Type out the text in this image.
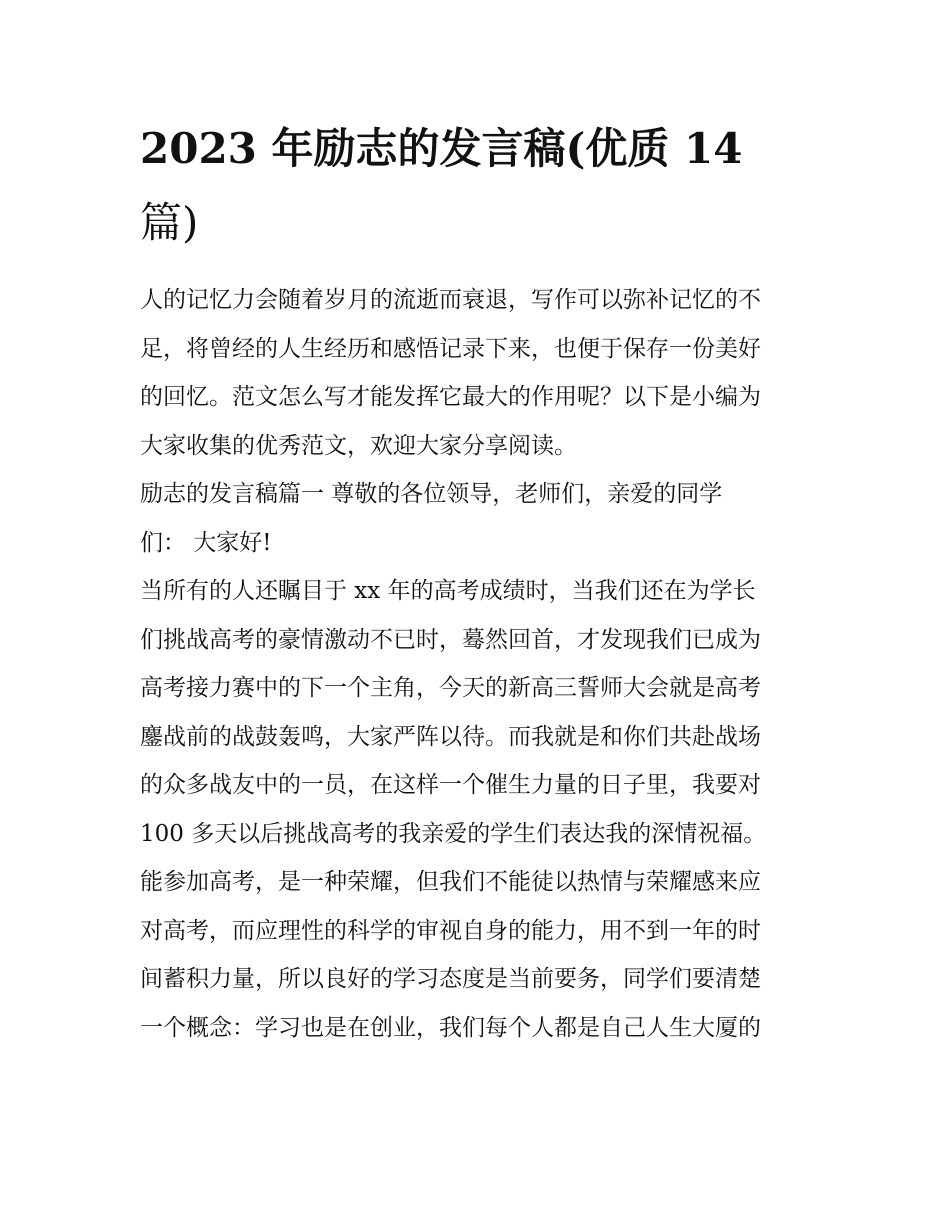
2023 年励志的发言稿(优质 14
篇)
人的记忆力会随着岁月的流逝而衰退，写作可以弥补记忆的不
足，将曾经的人生经历和感悟记录下来，也便于保存一份美好
的回忆。范文怎么写才能发挥它最大的作用呢？以下是小编为
大家收集的优秀范文，欢迎大家分享阅读。
励志的发言稿篇一 尊敬的各位领导，老师们，亲爱的同学
们： 大家好!
当所有的人还瞩目于 xx 年的高考成绩时，当我们还在为学长
们挑战高考的豪情激动不已时，蓦然回首，才发现我们已成为
高考接力赛中的下一个主角，今天的新高三誓师大会就是高考
鏖战前的战鼓轰鸣，大家严阵以待。而我就是和你们共赴战场
的众多战友中的一员，在这样一个催生力量的日子里，我要对
100 多天以后挑战高考的我亲爱的学生们表达我的深情祝福。
能参加高考，是一种荣耀，但我们不能徒以热情与荣耀感来应
对高考，而应理性的科学的审视自身的能力，用不到一年的时
间蓄积力量，所以良好的学习态度是当前要务，同学们要清楚
一个概念：学习也是在创业，我们每个人都是自己人生大厦的
